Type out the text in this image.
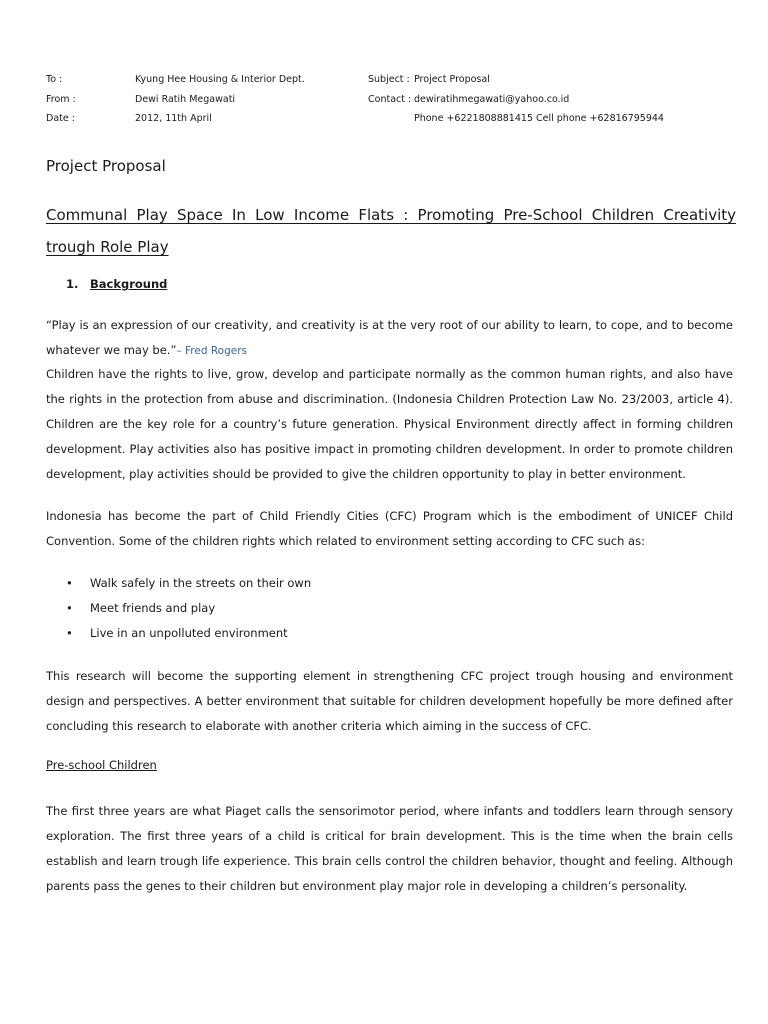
To :	Kyung Hee Housing & Interior Dept.	Subject : Project Proposal
From :	Dewi Ratih Megawati	Contact : dewiratihmegawati@yahoo.co.id
Date :	2012, 11th April	Phone +6221808881415 Cell phone +62816795944
Project Proposal
Communal Play Space In Low Income Flats : Promoting Pre-School Children Creativity trough Role Play
1. Background

“Play is an expression of our creativity, and creativity is at the very root of our ability to learn, to cope, and to become whatever we may be.”– Fred Rogers

Children have the rights to live, grow, develop and participate normally as the common human rights, and also have the rights in the protection from abuse and discrimination. (Indonesia Children Protection Law No. 23/2003, article 4). Children are the key role for a country’s future generation. Physical Environment directly affect in forming children development. Play activities also has positive impact in promoting children development. In order to promote children development, play activities should be provided to give the children opportunity to play in better environment.

Indonesia has become the part of Child Friendly Cities (CFC) Program which is the embodiment of UNICEF Child Convention. Some of the children rights which related to environment setting according to CFC such as:

• Walk safely in the streets on their own
• Meet friends and play
• Live in an unpolluted environment

This research will become the supporting element in strengthening CFC project trough housing and environment design and perspectives. A better environment that suitable for children development hopefully be more defined after concluding this research to elaborate with another criteria which aiming in the success of CFC.

Pre-school Children

The first three years are what Piaget calls the sensorimotor period, where infants and toddlers learn through sensory exploration. The first three years of a child is critical for brain development. This is the time when the brain cells establish and learn trough life experience. This brain cells control the children behavior, thought and feeling. Although parents pass the genes to their children but environment play major role in developing a children’s personality.
